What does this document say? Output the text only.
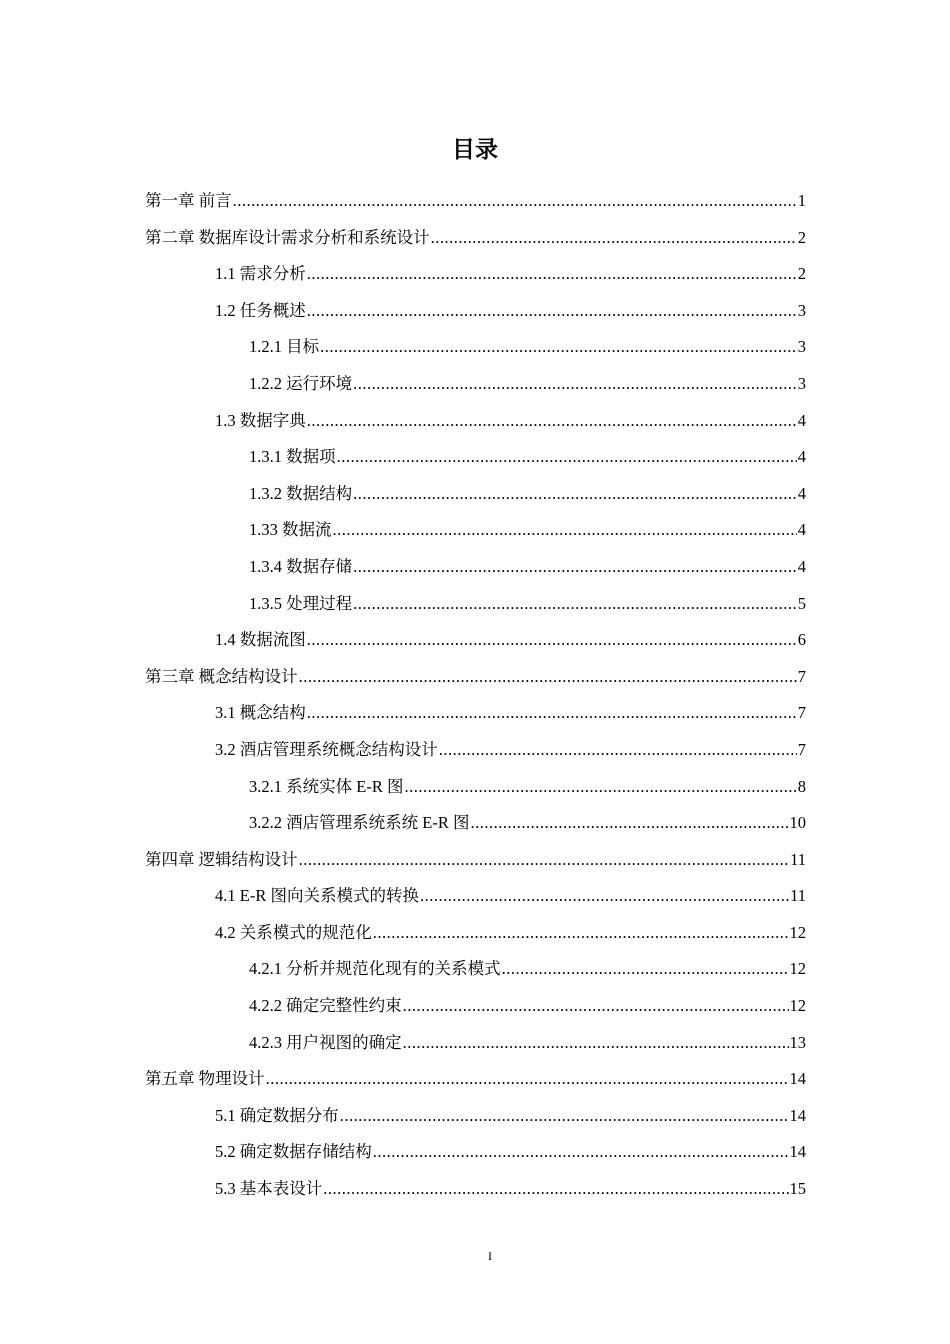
目录
第一章 前言 .....	1
第二章 数据库设计需求分析和系统设计 .....	2
1.1 需求分析 .....	2
1.2 任务概述 .....	3
1.2.1 目标 .....	3
1.2.2 运行环境 .....	3
1.3 数据字典 .....	4
1.3.1 数据项 .....	4
1.3.2 数据结构 .....	4
1.33 数据流 .....	4
1.3.4 数据存储 .....	4
1.3.5 处理过程 .....	5
1.4 数据流图 .....	6
第三章 概念结构设计 .....	7
3.1 概念结构 .....	7
3.2 酒店管理系统概念结构设计 .....	7
3.2.1 系统实体 E-R 图 .....	8
3.2.2 酒店管理系统系统 E-R 图 .....	10
第四章 逻辑结构设计 .....	11
4.1 E-R 图向关系模式的转换 .....	11
4.2 关系模式的规范化 .....	12
4.2.1 分析并规范化现有的关系模式 .....	12
4.2.2 确定完整性约束 .....	12
4.2.3 用户视图的确定 .....	13
第五章 物理设计 .....	14
5.1 确定数据分布 .....	14
5.2 确定数据存储结构 .....	14
5.3 基本表设计 .....	15
I
